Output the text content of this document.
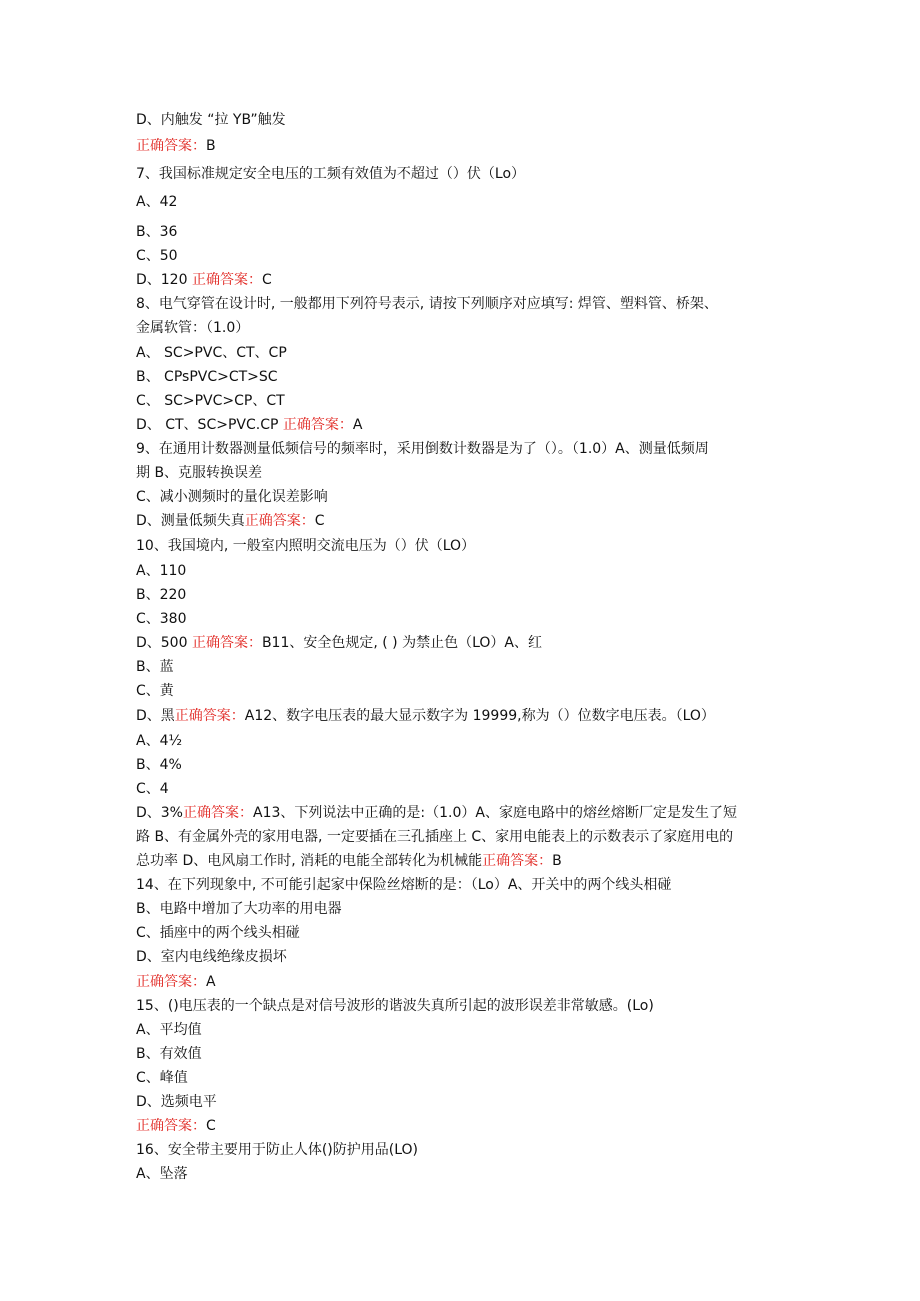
D、内触发 “拉 YB”触发
正确答案：B
7、我国标准规定安全电压的工频有效值为不超过（）伏（Lo）
A、42
B、36
C、50
D、120 正确答案：C
8、电气穿管在设计时, 一般都用下列符号表示, 请按下列顺序对应填写: 焊管、塑料管、桥架、
金属软管：（1.0）
A、 SC>PVC、CT、CP
B、 CPsPVC>CT>SC
C、 SC>PVC>CP、CT
D、 CT、SC>PVC.CP 正确答案：A
9、在通用计数器测量低频信号的频率时，采用倒数计数器是为了（）。（1.0）A、测量低频周
期 B、克服转换误差
C、减小测频时的量化误差影响
D、测量低频失真正确答案：C
10、我国境内, 一般室内照明交流电压为（）伏（LO）
A、110
B、220
C、380
D、500 正确答案：B11、安全色规定, ( ) 为禁止色（LO）A、红
B、蓝
C、黄
D、黑正确答案：A12、数字电压表的最大显示数字为 19999,称为（）位数字电压表。（LO）
A、4½
B、4%
C、4
D、3%正确答案：A13、下列说法中正确的是:（1.0）A、家庭电路中的熔丝熔断厂定是发生了短
路 B、有金属外壳的家用电器, 一定要插在三孔插座上 C、家用电能表上的示数表示了家庭用电的
总功率 D、电风扇工作时, 消耗的电能全部转化为机械能正确答案：B
14、在下列现象中, 不可能引起家中保险丝熔断的是：（Lo）A、开关中的两个线头相碰
B、电路中增加了大功率的用电器
C、插座中的两个线头相碰
D、室内电线绝缘皮损坏
正确答案：A
15、()电压表的一个缺点是对信号波形的谐波失真所引起的波形误差非常敏感。(Lo)
A、平均值
B、有效值
C、峰值
D、选频电平
正确答案：C
16、安全带主要用于防止人体()防护用品(LO)
A、坠落
